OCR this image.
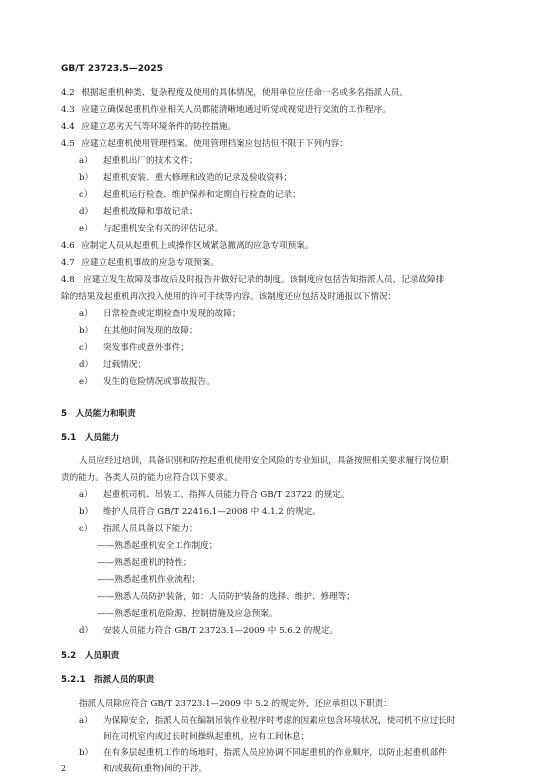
GB/T 23723.5—2025
4.2 根据起重机种类、复杂程度及使用的具体情况，使用单位应任命一名或多名指派人员。
4.3 应建立确保起重机作业相关人员都能清晰地通过听觉或视觉进行交流的工作程序。
4.4 应建立恶劣天气等环境条件的防控措施。
4.5 应建立起重机使用管理档案。使用管理档案应包括但不限于下列内容：
a） 起重机出厂的技术文件；
b） 起重机安装、重大修理和改造的记录及验收资料；
c） 起重机运行检查、维护保养和定期自行检查的记录；
d） 起重机故障和事故记录；
e） 与起重机安全有关的评估记录。
4.6 应制定人员从起重机上或操作区域紧急撤离的应急专项预案。
4.7 应建立起重机事故的应急专项预案。
4.8　应建立发生故障及事故后及时报告并做好记录的制度。该制度应包括告知指派人员，记录故障排
除的结果及起重机再次投入使用的许可手续等内容。该制度还应包括及时通报以下情况：
a） 日常检查或定期检查中发现的故障；
b） 在其他时间发现的故障；
c） 突发事件或意外事件；
d） 过载情况；
e） 发生的危险情况或事故报告。
5　人员能力和职责
5.1　人员能力
人员应经过培训，具备识别和防控起重机使用安全风险的专业知识，具备按照相关要求履行岗位职
责的能力。各类人员的能力应符合以下要求。
a） 起重机司机、吊装工、指挥人员能力符合 GB/T 23722 的规定。
b） 维护人员符合 GB/T 22416.1—2008 中 4.1.2 的规定。
c） 指派人员具备以下能力：
——熟悉起重机安全工作制度；
——熟悉起重机的特性；
——熟悉起重机作业流程；
——熟悉人员防护装备，如：人员防护装备的选择、维护、修理等；
——熟悉起重机危险源、控制措施及应急预案。
d） 安装人员能力符合 GB/T 23723.1—2009 中 5.6.2 的规定。
5.2　人员职责
5.2.1　指派人员的职责
指派人员除应符合 GB/T 23723.1—2009 中 5.2 的规定外，还应承担以下职责：
a） 为保障安全，指派人员在编制吊装作业程序时考虑的因素应包含环境状况，使司机不应过长时
间在司机室内或过长时间操纵起重机，应有工间休息；
b） 在有多层起重机工作的场地时，指派人员应协调不同起重机的作业顺序，以防止起重机部件
和/或载荷(重物)间的干涉。
2
